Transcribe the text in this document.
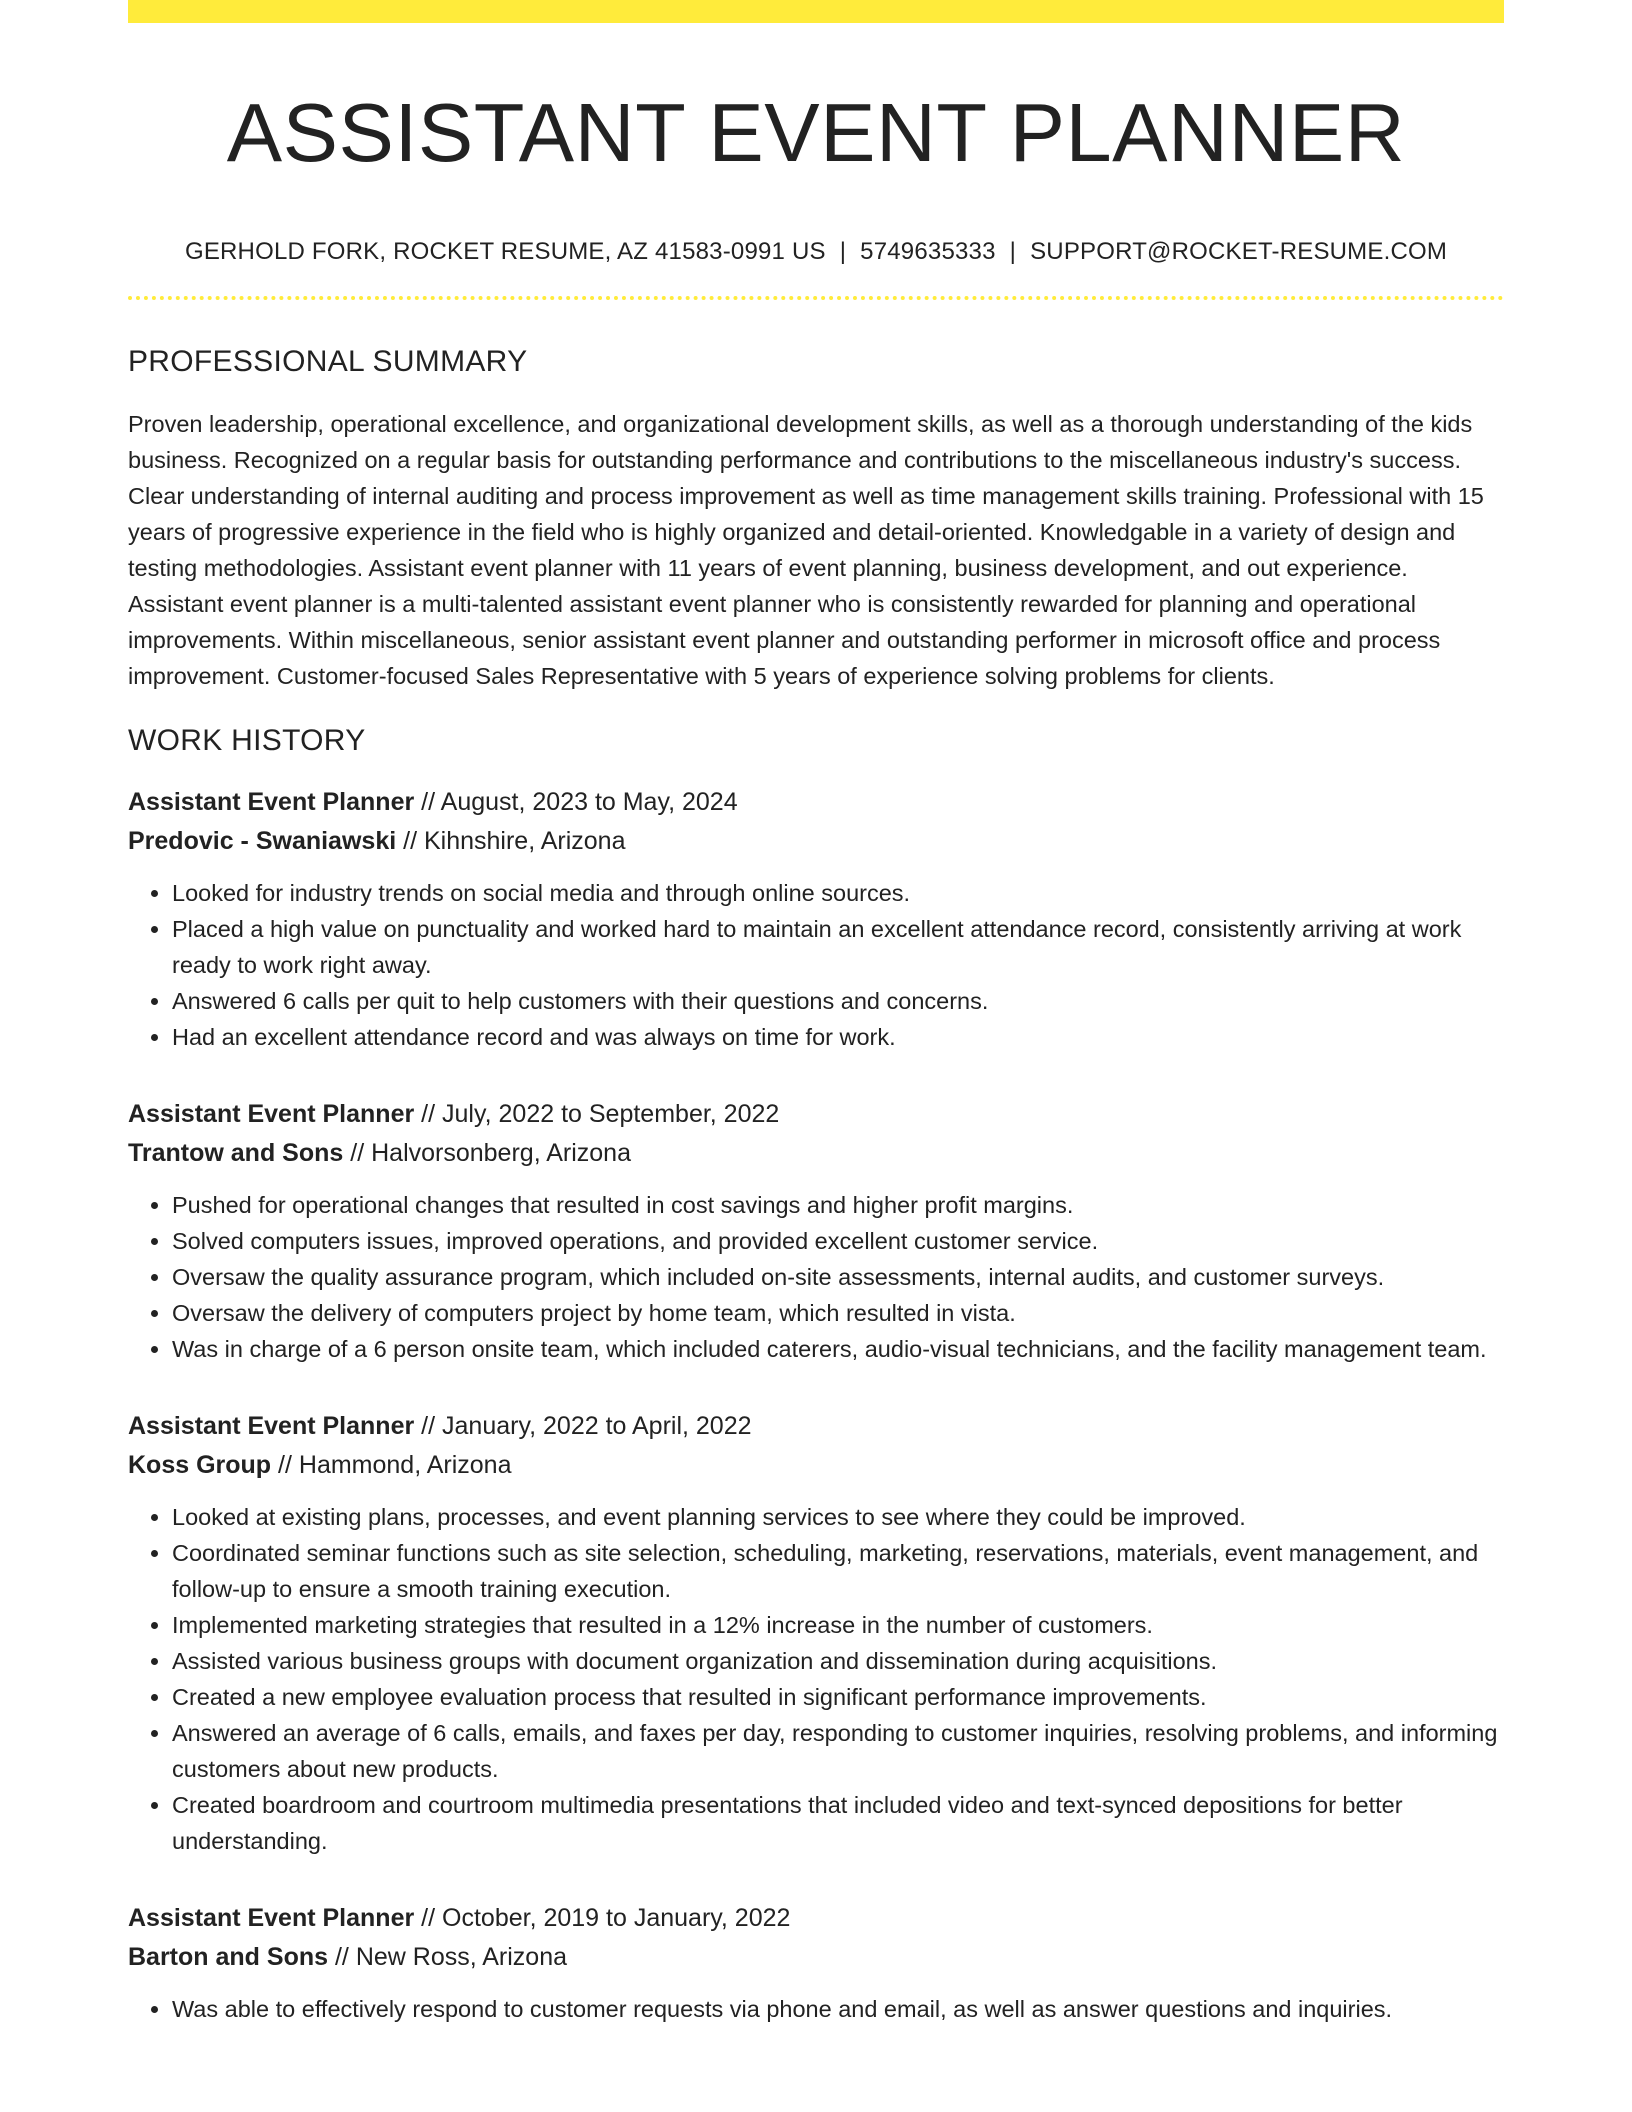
ASSISTANT EVENT PLANNER
GERHOLD FORK, ROCKET RESUME, AZ 41583-0991 US | 5749635333 | SUPPORT@ROCKET-RESUME.COM
PROFESSIONAL SUMMARY

Proven leadership, operational excellence, and organizational development skills, as well as a thorough understanding of the kids business. Recognized on a regular basis for outstanding performance and contributions to the miscellaneous industry's success. Clear understanding of internal auditing and process improvement as well as time management skills training. Professional with 15 years of progressive experience in the field who is highly organized and detail-oriented. Knowledgable in a variety of design and testing methodologies. Assistant event planner with 11 years of event planning, business development, and out experience. Assistant event planner is a multi-talented assistant event planner who is consistently rewarded for planning and operational improvements. Within miscellaneous, senior assistant event planner and outstanding performer in microsoft office and process improvement. Customer-focused Sales Representative with 5 years of experience solving problems for clients.

WORK HISTORY
Assistant Event Planner // August, 2023 to May, 2024
Predovic - Swaniawski // Kihnshire, Arizona
• Looked for industry trends on social media and through online sources.
• Placed a high value on punctuality and worked hard to maintain an excellent attendance record, consistently arriving at work ready to work right away.
• Answered 6 calls per quit to help customers with their questions and concerns.
• Had an excellent attendance record and was always on time for work.
Assistant Event Planner // July, 2022 to September, 2022
Trantow and Sons // Halvorsonberg, Arizona
• Pushed for operational changes that resulted in cost savings and higher profit margins.
• Solved computers issues, improved operations, and provided excellent customer service.
• Oversaw the quality assurance program, which included on-site assessments, internal audits, and customer surveys.
• Oversaw the delivery of computers project by home team, which resulted in vista.
• Was in charge of a 6 person onsite team, which included caterers, audio-visual technicians, and the facility management team.
Assistant Event Planner // January, 2022 to April, 2022
Koss Group // Hammond, Arizona
• Looked at existing plans, processes, and event planning services to see where they could be improved.
• Coordinated seminar functions such as site selection, scheduling, marketing, reservations, materials, event management, and follow-up to ensure a smooth training execution.
• Implemented marketing strategies that resulted in a 12% increase in the number of customers.
• Assisted various business groups with document organization and dissemination during acquisitions.
• Created a new employee evaluation process that resulted in significant performance improvements.
• Answered an average of 6 calls, emails, and faxes per day, responding to customer inquiries, resolving problems, and informing customers about new products.
• Created boardroom and courtroom multimedia presentations that included video and text-synced depositions for better understanding.
Assistant Event Planner // October, 2019 to January, 2022
Barton and Sons // New Ross, Arizona
• Was able to effectively respond to customer requests via phone and email, as well as answer questions and inquiries.
